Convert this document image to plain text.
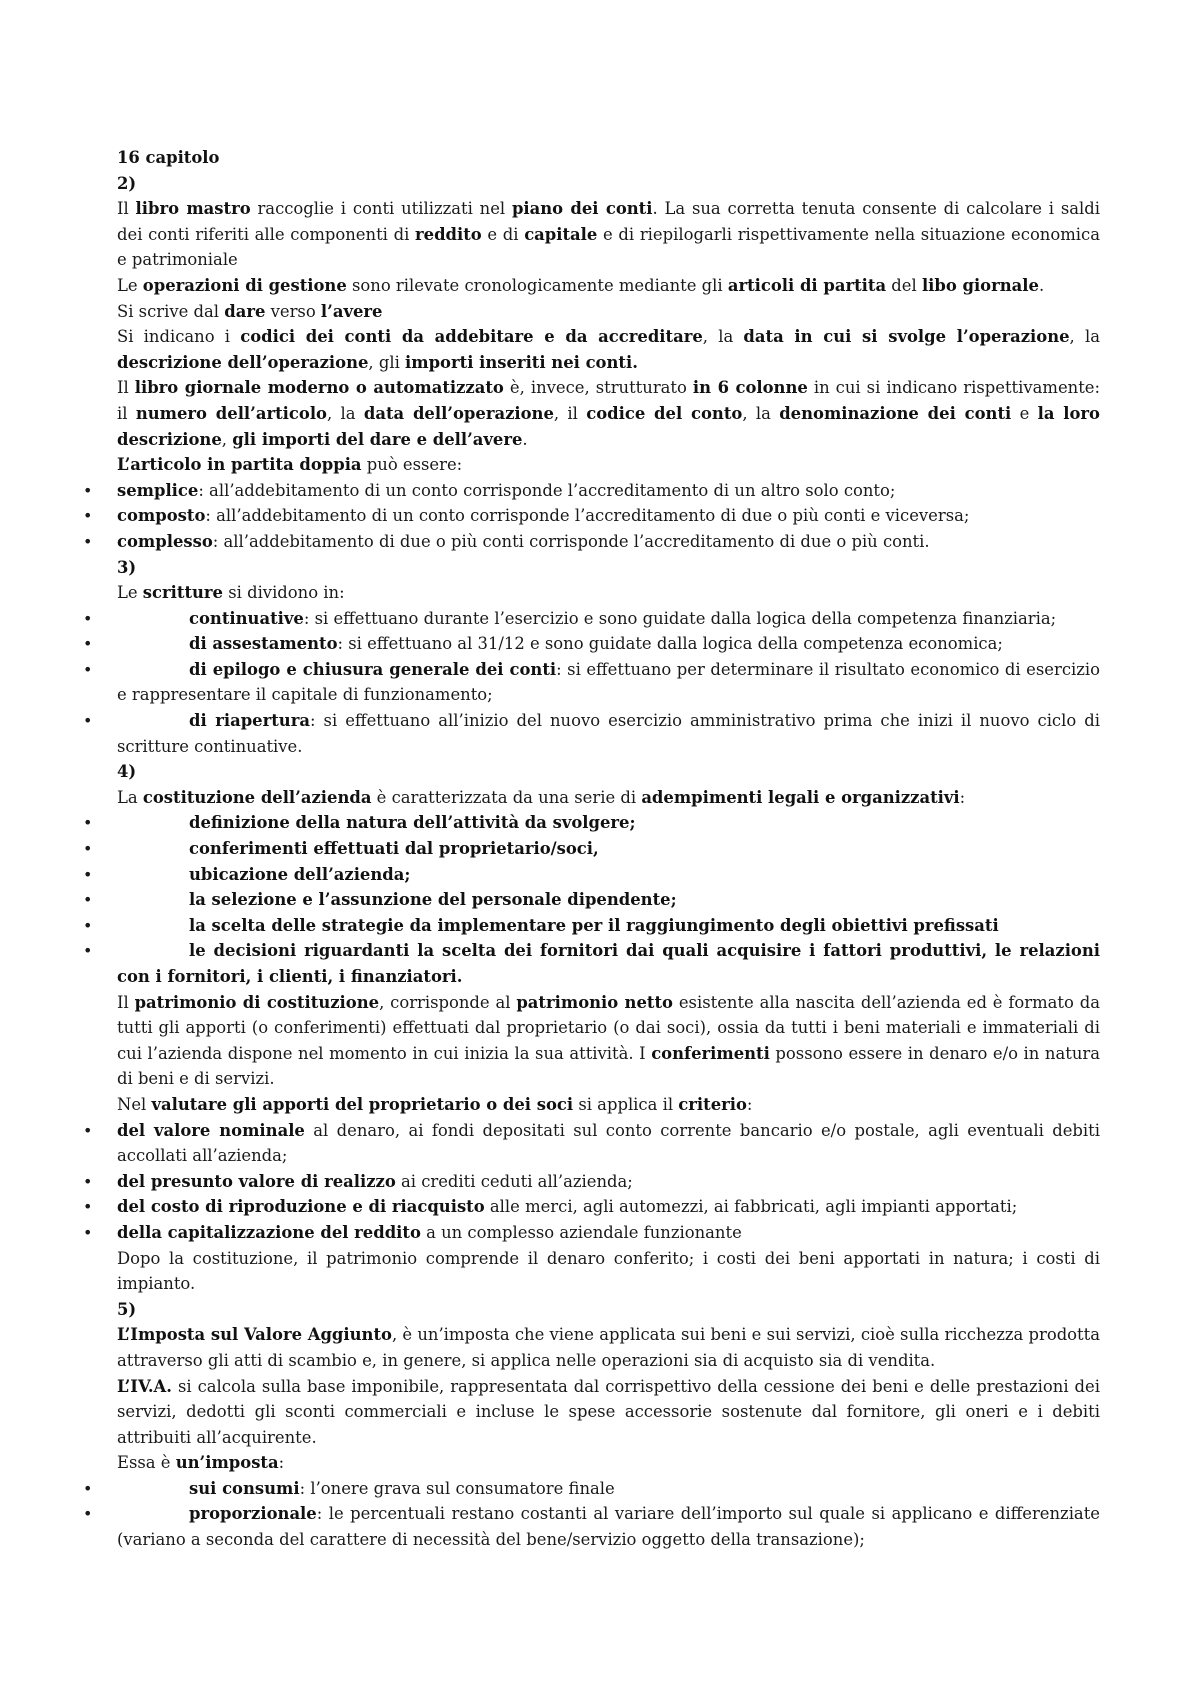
16 capitolo

2)

Il libro mastro raccoglie i conti utilizzati nel piano dei conti. La sua corretta tenuta consente di calcolare i saldi dei conti riferiti alle componenti di reddito e di capitale e di riepilogarli rispettivamente nella situazione economica e patrimoniale

Le operazioni di gestione sono rilevate cronologicamente mediante gli articoli di partita del libo giornale.

Si scrive dal dare verso l’avere

Si indicano i codici dei conti da addebitare e da accreditare, la data in cui si svolge l’operazione, la descrizione dell’operazione, gli importi inseriti nei conti.

Il libro giornale moderno o automatizzato è, invece, strutturato in 6 colonne in cui si indicano rispettivamente: il numero dell’articolo, la data dell’operazione, il codice del conto, la denominazione dei conti e la loro descrizione, gli importi del dare e dell’avere.

L’articolo in partita doppia può essere:

• semplice: all’addebitamento di un conto corrisponde l’accreditamento di un altro solo conto;

• composto: all’addebitamento di un conto corrisponde l’accreditamento di due o più conti e viceversa;

• complesso: all’addebitamento di due o più conti corrisponde l’accreditamento di due o più conti.

3)

Le scritture si dividono in:

• continuative: si effettuano durante l’esercizio e sono guidate dalla logica della competenza finanziaria;

• di assestamento: si effettuano al 31/12 e sono guidate dalla logica della competenza economica;

• di epilogo e chiusura generale dei conti: si effettuano per determinare il risultato economico di esercizio e rappresentare il capitale di funzionamento;

• di riapertura: si effettuano all’inizio del nuovo esercizio amministrativo prima che inizi il nuovo ciclo di scritture continuative.

4)

La costituzione dell’azienda è caratterizzata da una serie di adempimenti legali e organizzativi:

• definizione della natura dell’attività da svolgere;

• conferimenti effettuati dal proprietario/soci,

• ubicazione dell’azienda;

• la selezione e l’assunzione del personale dipendente;

• la scelta delle strategie da implementare per il raggiungimento degli obiettivi prefissati

• le decisioni riguardanti la scelta dei fornitori dai quali acquisire i fattori produttivi, le relazioni con i fornitori, i clienti, i finanziatori.

Il patrimonio di costituzione, corrisponde al patrimonio netto esistente alla nascita dell’azienda ed è formato da tutti gli apporti (o conferimenti) effettuati dal proprietario (o dai soci), ossia da tutti i beni materiali e immateriali di cui l’azienda dispone nel momento in cui inizia la sua attività. I conferimenti possono essere in denaro e/o in natura di beni e di servizi.

Nel valutare gli apporti del proprietario o dei soci si applica il criterio:

• del valore nominale al denaro, ai fondi depositati sul conto corrente bancario e/o postale, agli eventuali debiti accollati all’azienda;

• del presunto valore di realizzo ai crediti ceduti all’azienda;

• del costo di riproduzione e di riacquisto alle merci, agli automezzi, ai fabbricati, agli impianti apportati;

• della capitalizzazione del reddito a un complesso aziendale funzionante

Dopo la costituzione, il patrimonio comprende il denaro conferito; i costi dei beni apportati in natura; i costi di impianto.

5)

L’Imposta sul Valore Aggiunto, è un’imposta che viene applicata sui beni e sui servizi, cioè sulla ricchezza prodotta attraverso gli atti di scambio e, in genere, si applica nelle operazioni sia di acquisto sia di vendita.

L’IV.A. si calcola sulla base imponibile, rappresentata dal corrispettivo della cessione dei beni e delle prestazioni dei servizi, dedotti gli sconti commerciali e incluse le spese accessorie sostenute dal fornitore, gli oneri e i debiti attribuiti all’acquirente.

Essa è un’imposta:

• sui consumi: l’onere grava sul consumatore finale

• proporzionale: le percentuali restano costanti al variare dell’importo sul quale si applicano e differenziate (variano a seconda del carattere di necessità del bene/servizio oggetto della transazione);
